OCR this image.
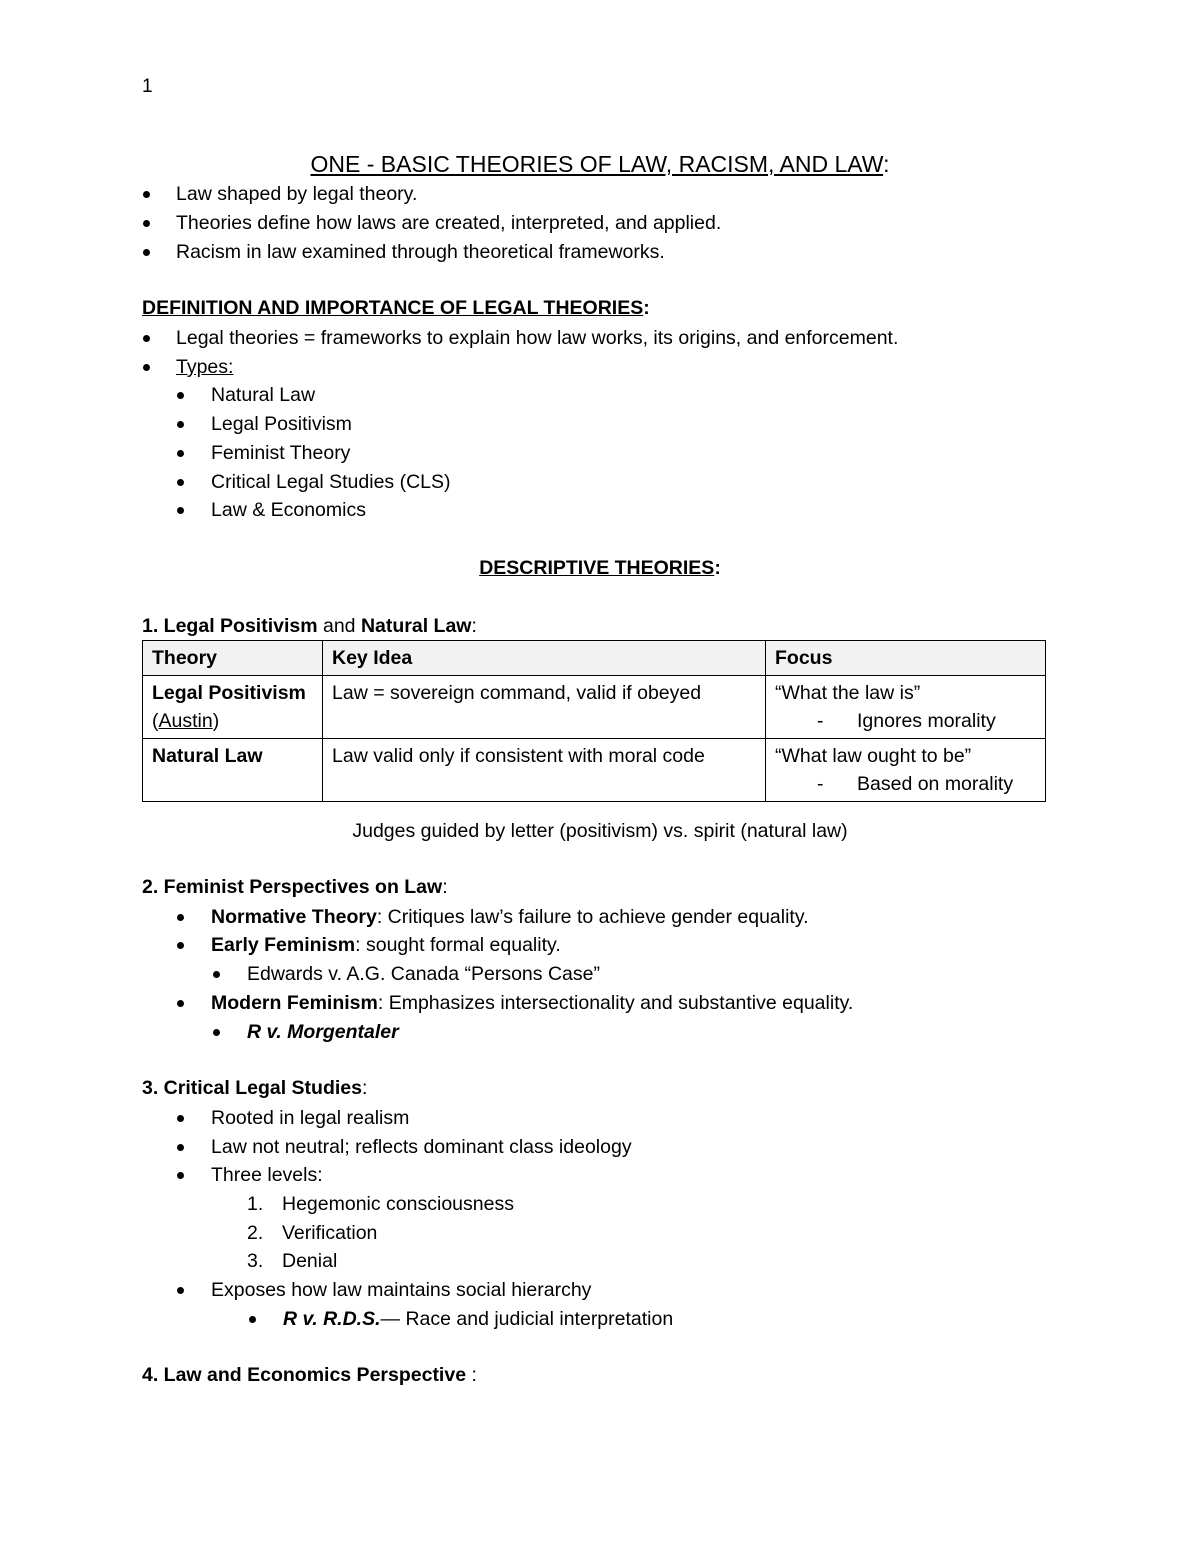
1
ONE - BASIC THEORIES OF LAW, RACISM, AND LAW:
Law shaped by legal theory.
Theories define how laws are created, interpreted, and applied.
Racism in law examined through theoretical frameworks.
DEFINITION AND IMPORTANCE OF LEGAL THEORIES:
Legal theories = frameworks to explain how law works, its origins, and enforcement.
Types:
Natural Law
Legal Positivism
Feminist Theory
Critical Legal Studies (CLS)
Law & Economics
DESCRIPTIVE THEORIES:
1. Legal Positivism and Natural Law:
Theory	Key Idea	Focus
Legal Positivism
(Austin)	Law = sovereign command, valid if obeyed	“What the law is”
- Ignores morality

Natural Law	Law valid only if consistent with moral code	“What law ought to be”
- Based on morality
Judges guided by letter (positivism) vs. spirit (natural law)
2. Feminist Perspectives on Law:
Normative Theory: Critiques law’s failure to achieve gender equality.
Early Feminism: sought formal equality.
Edwards v. A.G. Canada “Persons Case”
Modern Feminism: Emphasizes intersectionality and substantive equality.
R v. Morgentaler
3. Critical Legal Studies:
Rooted in legal realism
Law not neutral; reflects dominant class ideology
Three levels:
1. Hegemonic consciousness
2. Verification
3. Denial
Exposes how law maintains social hierarchy
R v. R.D.S.— Race and judicial interpretation
4. Law and Economics Perspective :
